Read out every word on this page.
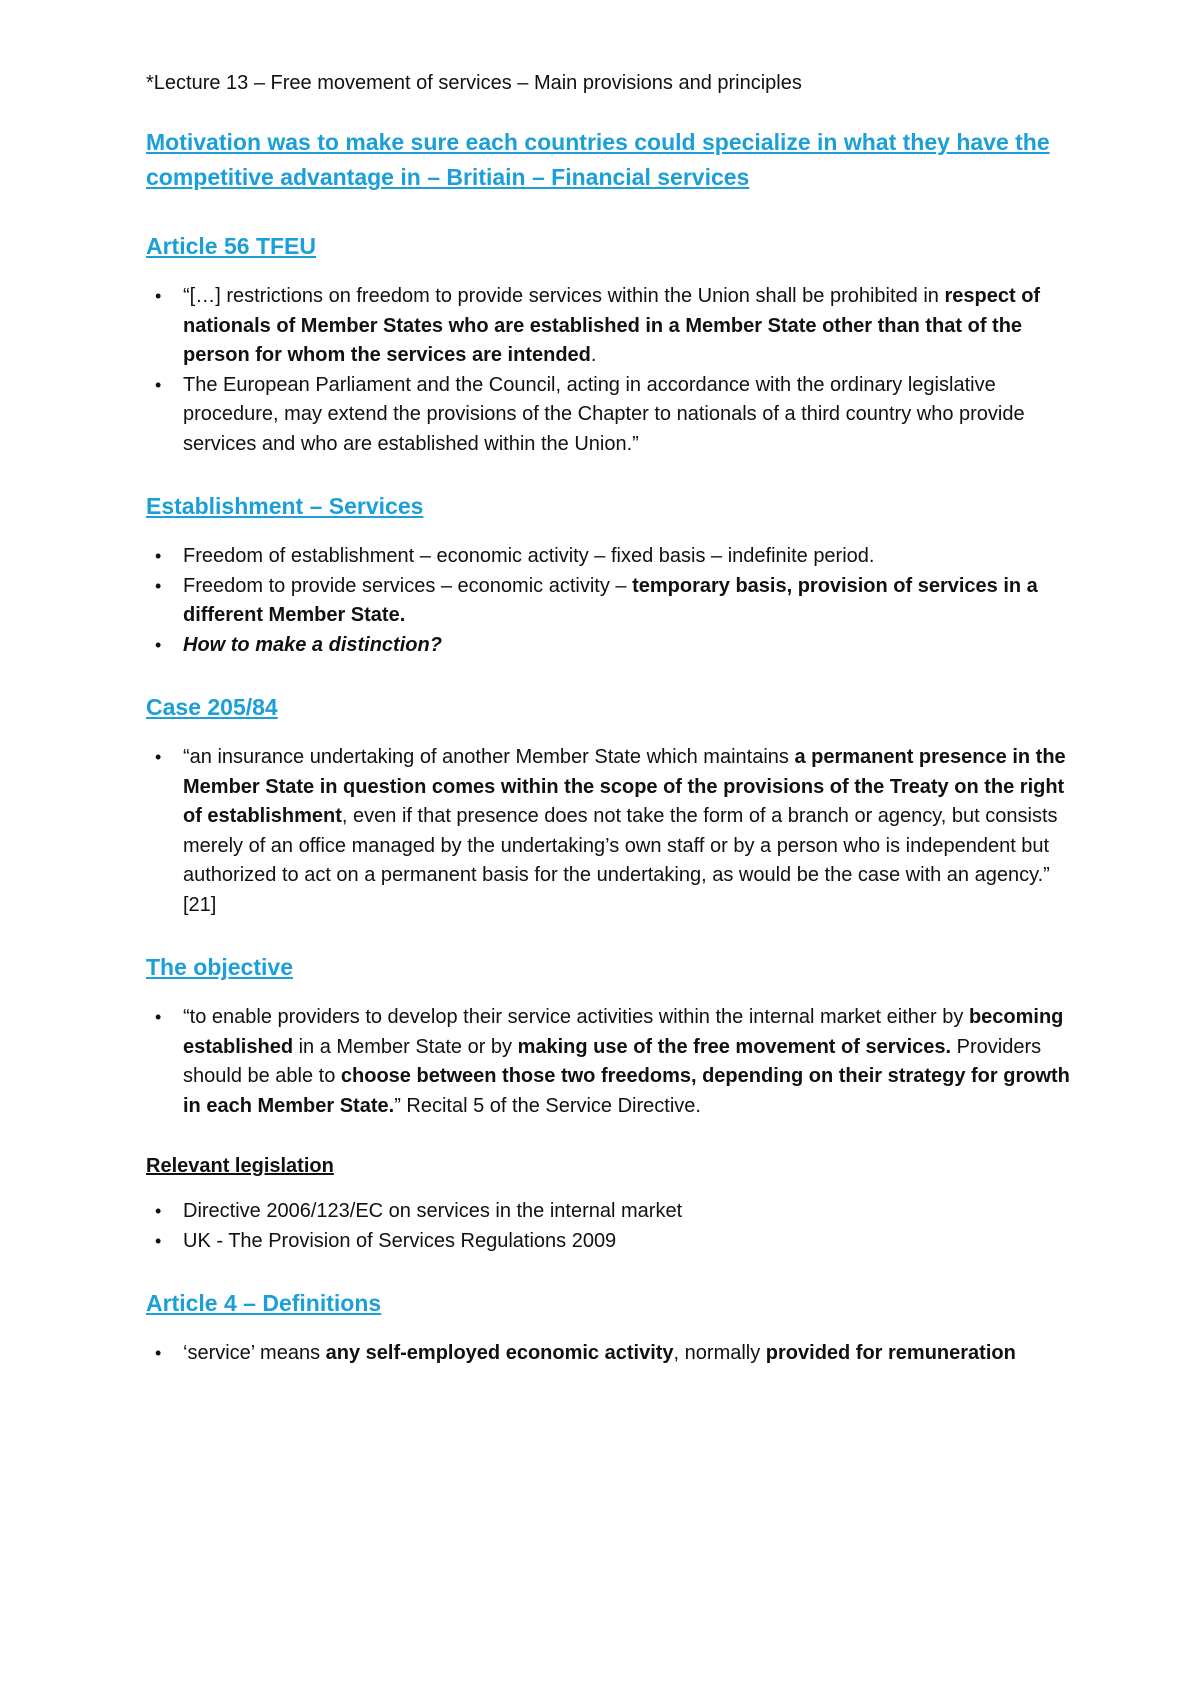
*Lecture 13 – Free movement of services – Main provisions and principles

Motivation was to make sure each countries could specialize in what they have the competitive advantage in – Britiain – Financial services

Article 56 TFEU
• “[…] restrictions on freedom to provide services within the Union shall be prohibited in respect of nationals of Member States who are established in a Member State other than that of the person for whom the services are intended.
• The European Parliament and the Council, acting in accordance with the ordinary legislative procedure, may extend the provisions of the Chapter to nationals of a third country who provide services and who are established within the Union.”
Establishment – Services
• Freedom of establishment – economic activity – fixed basis – indefinite period.
• Freedom to provide services – economic activity – temporary basis, provision of services in a different Member State.
• How to make a distinction?
Case 205/84
• “an insurance undertaking of another Member State which maintains a permanent presence in the Member State in question comes within the scope of the provisions of the Treaty on the right of establishment, even if that presence does not take the form of a branch or agency, but consists merely of an office managed by the undertaking’s own staff or by a person who is independent but authorized to act on a permanent basis for the undertaking, as would be the case with an agency.” [21]
The objective
• “to enable providers to develop their service activities within the internal market either by becoming established in a Member State or by making use of the free movement of services. Providers should be able to choose between those two freedoms, depending on their strategy for growth in each Member State.” Recital 5 of the Service Directive.
Relevant legislation
• Directive 2006/123/EC on services in the internal market
• UK - The Provision of Services Regulations 2009
Article 4 – Definitions
• ‘service’ means any self-employed economic activity, normally provided for remuneration
